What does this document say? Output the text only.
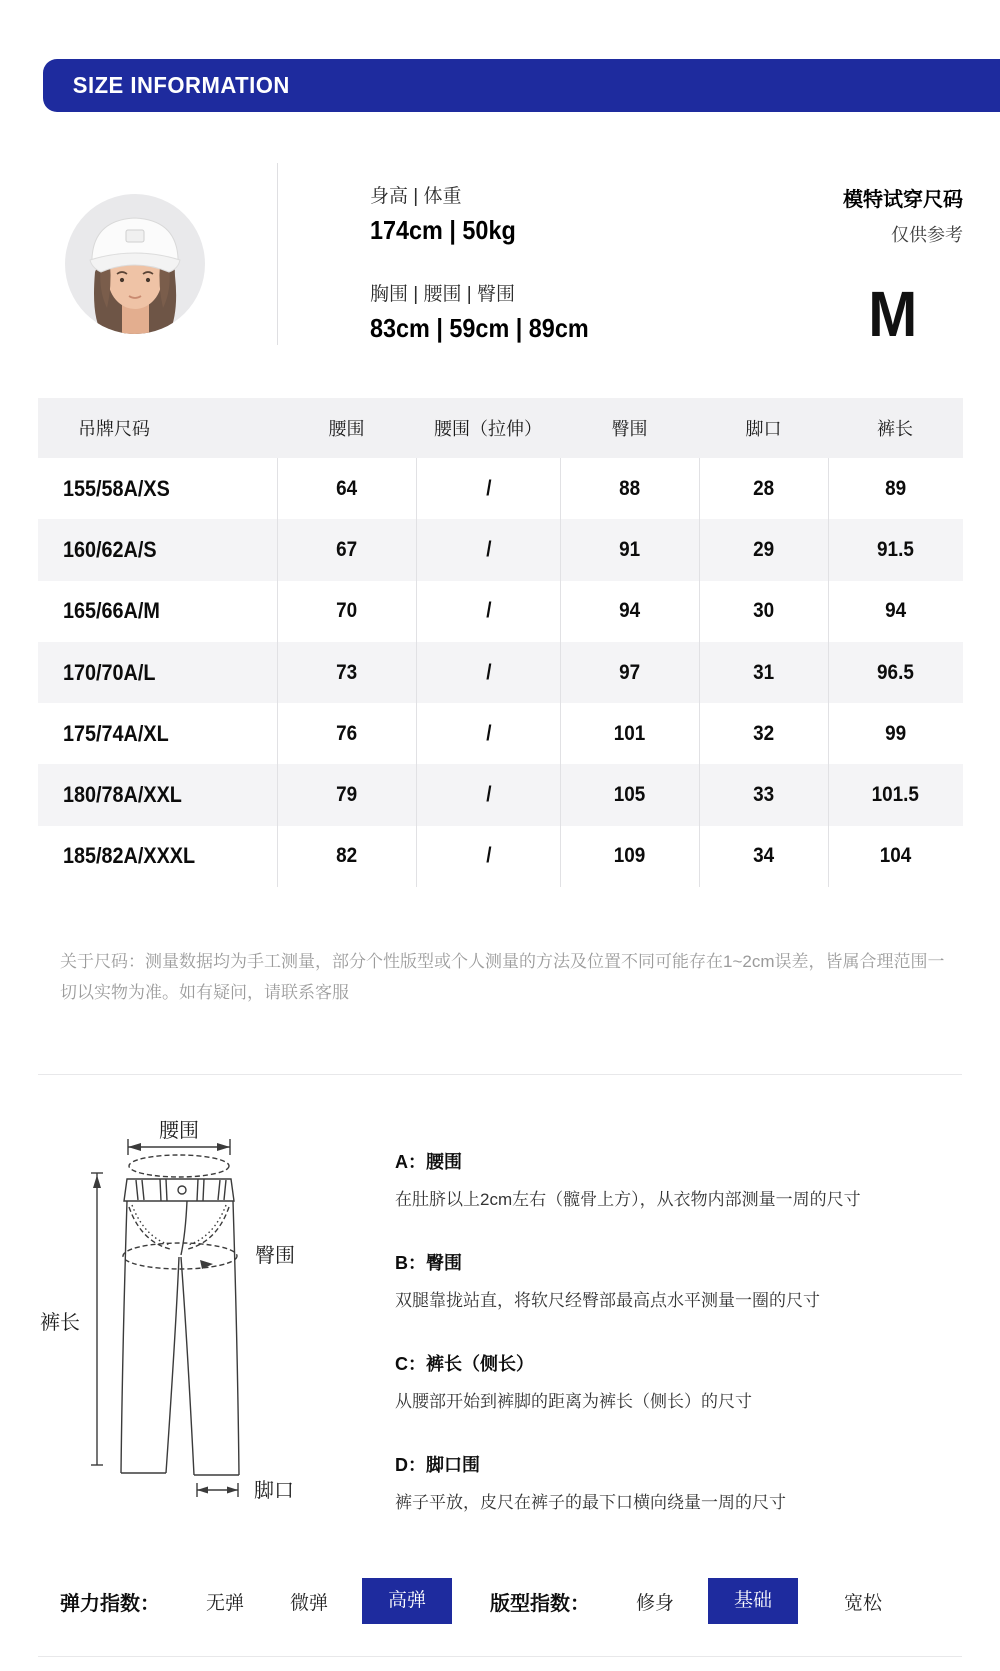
SIZE INFORMATION
身高 | 体重
174cm | 50kg
胸围 | 腰围 | 臀围
83cm | 59cm | 89cm
模特试穿尺码
仅供参考
M
吊牌尺码	腰围	腰围（拉伸）	臀围	脚口	裤长
155/58A/XS	64	/	88	28	89
160/62A/S	67	/	91	29	91.5
165/66A/M	70	/	94	30	94
170/70A/L	73	/	97	31	96.5
175/74A/XL	76	/	101	32	99
180/78A/XXL	79	/	105	33	101.5
185/82A/XXXL	82	/	109	34	104
关于尺码：测量数据均为手工测量，部分个性版型或个人测量的方法及位置不同可能存在1~2cm误差，皆属合理范围一切以实物为准。如有疑问，请联系客服
腰围
臀围
裤长
脚口
A：腰围
在肚脐以上2cm左右（髋骨上方），从衣物内部测量一周的尺寸
B：臀围
双腿靠拢站直，将软尺经臀部最高点水平测量一圈的尺寸
C：裤长（侧长）
从腰部开始到裤脚的距离为裤长（侧长）的尺寸
D：脚口围
裤子平放，皮尺在裤子的最下口横向绕量一周的尺寸
弹力指数： 无弹 微弹	高弹	版型指数： 修身	基础	宽松
